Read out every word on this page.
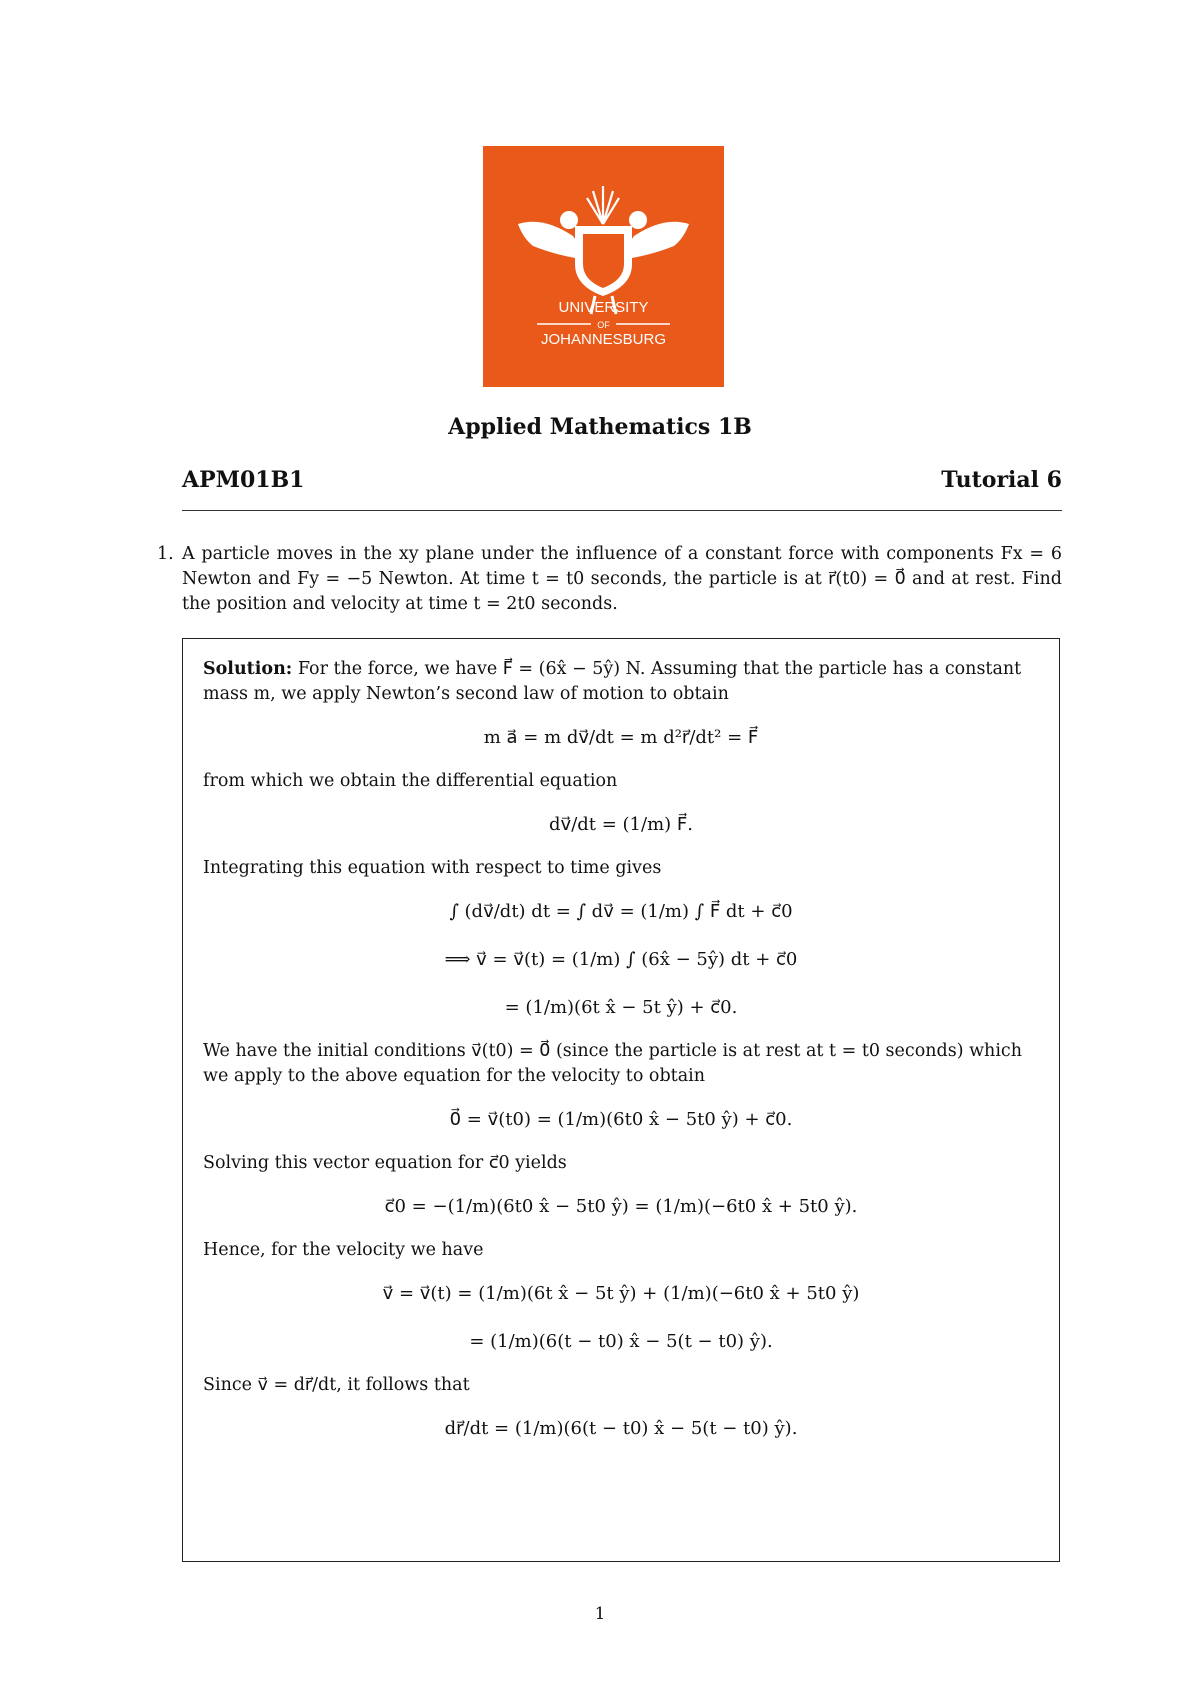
UNIVERSITY
OF
JOHANNESBURG
Applied Mathematics 1B
APM01B1	Tutorial 6
1. A particle moves in the xy plane under the influence of a constant force with components Fx = 6 Newton and Fy = −5 Newton. At time t = t0 seconds, the particle is at r⃗(t0) = 0⃗ and at rest. Find the position and velocity at time t = 2t0 seconds.

Solution: For the force, we have F⃗ = (6x̂ − 5ŷ) N. Assuming that the particle has a constant mass m, we apply Newton’s second law of motion to obtain

m a⃗ = m dv⃗/dt = m d²r⃗/dt² = F⃗

from which we obtain the differential equation

dv⃗/dt = (1/m) F⃗.

Integrating this equation with respect to time gives

∫ (dv⃗/dt) dt = ∫ dv⃗ = (1/m) ∫ F⃗ dt + c⃗0
⟹ v⃗ = v⃗(t) = (1/m) ∫ (6x̂ − 5ŷ) dt + c⃗0
= (1/m)(6t x̂ − 5t ŷ) + c⃗0.

We have the initial conditions v⃗(t0) = 0⃗ (since the particle is at rest at t = t0 seconds) which we apply to the above equation for the velocity to obtain

0⃗ = v⃗(t0) = (1/m)(6t0 x̂ − 5t0 ŷ) + c⃗0.

Solving this vector equation for c⃗0 yields

c⃗0 = −(1/m)(6t0 x̂ − 5t0 ŷ) = (1/m)(−6t0 x̂ + 5t0 ŷ).

Hence, for the velocity we have

v⃗ = v⃗(t) = (1/m)(6t x̂ − 5t ŷ) + (1/m)(−6t0 x̂ + 5t0 ŷ)
= (1/m)(6(t − t0) x̂ − 5(t − t0) ŷ).

Since v⃗ = dr⃗/dt, it follows that

dr⃗/dt = (1/m)(6(t − t0) x̂ − 5(t − t0) ŷ).
1
